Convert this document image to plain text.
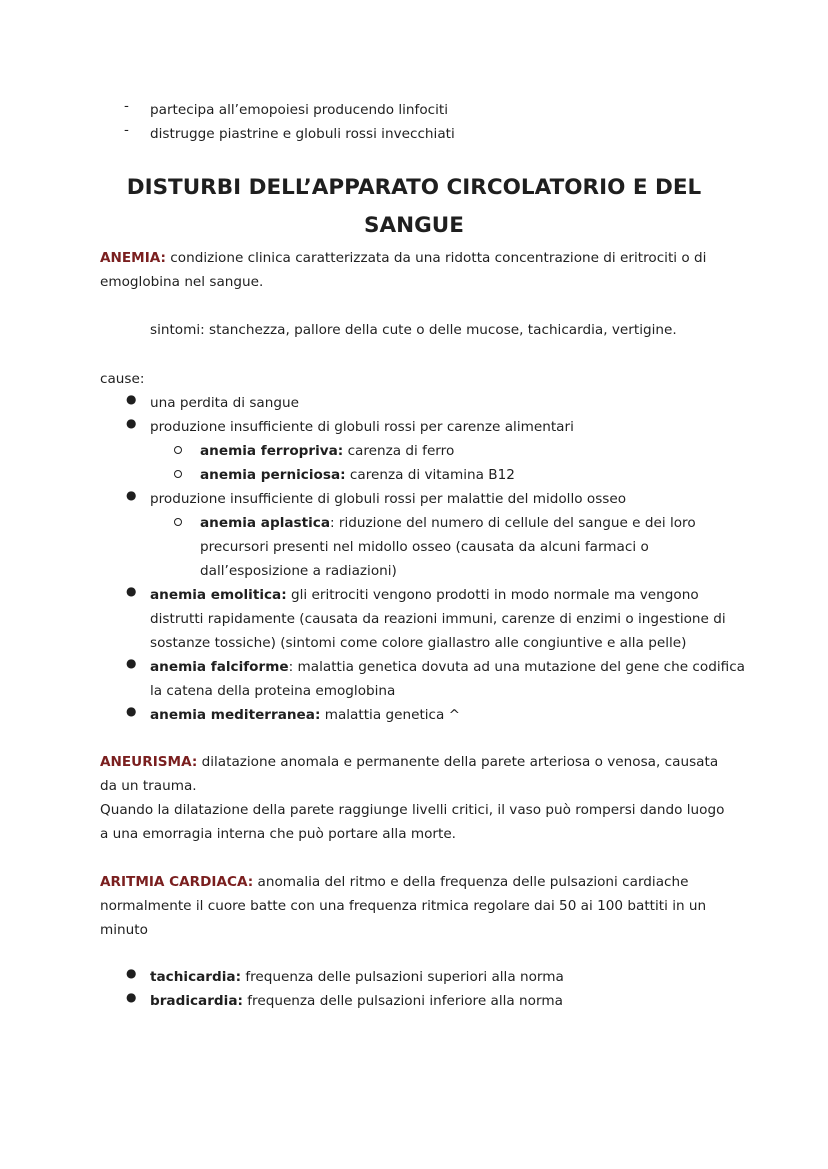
- partecipa all’emopoiesi producendo linfociti
- distrugge piastrine e globuli rossi invecchiati
DISTURBI DELL’APPARATO CIRCOLATORIO E DEL
SANGUE
ANEMIA: condizione clinica caratterizzata da una ridotta concentrazione di eritrociti o di
emoglobina nel sangue.
sintomi: stanchezza, pallore della cute o delle mucose, tachicardia, vertigine.
cause:
● una perdita di sangue
● produzione insufficiente di globuli rossi per carenze alimentari
anemia ferropriva: carenza di ferro
anemia perniciosa: carenza di vitamina B12
● produzione insufficiente di globuli rossi per malattie del midollo osseo
anemia aplastica: riduzione del numero di cellule del sangue e dei loro
precursori presenti nel midollo osseo (causata da alcuni farmaci o
dall’esposizione a radiazioni)
● anemia emolitica: gli eritrociti vengono prodotti in modo normale ma vengono
distrutti rapidamente (causata da reazioni immuni, carenze di enzimi o ingestione di
sostanze tossiche) (sintomi come colore giallastro alle congiuntive e alla pelle)
● anemia falciforme: malattia genetica dovuta ad una mutazione del gene che codifica
la catena della proteina emoglobina
● anemia mediterranea: malattia genetica ^
ANEURISMA: dilatazione anomala e permanente della parete arteriosa o venosa, causata
da un trauma.
Quando la dilatazione della parete raggiunge livelli critici, il vaso può rompersi dando luogo
a una emorragia interna che può portare alla morte.
ARITMIA CARDIACA: anomalia del ritmo e della frequenza delle pulsazioni cardiache
normalmente il cuore batte con una frequenza ritmica regolare dai 50 ai 100 battiti in un
minuto
● tachicardia: frequenza delle pulsazioni superiori alla norma
● bradicardia: frequenza delle pulsazioni inferiore alla norma
